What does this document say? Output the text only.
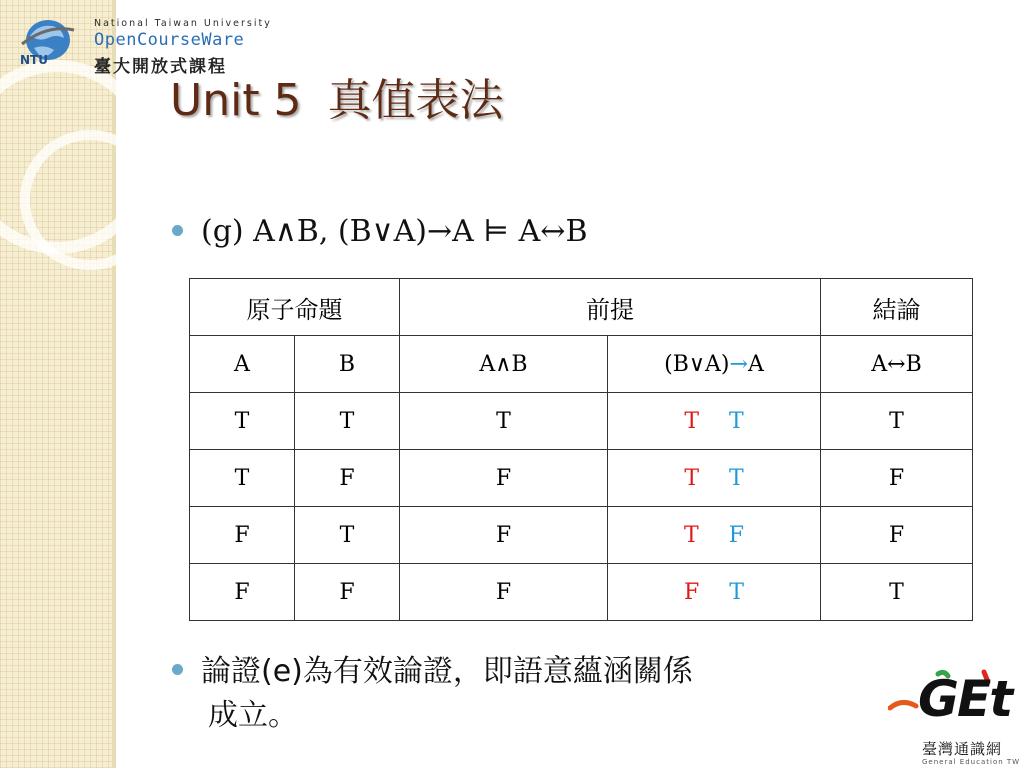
NTU
National Taiwan University
OpenCourseWare
臺大開放式課程
Unit 5 真值表法
(g) A∧B, (B∨A)→A ⊨ A↔B
原子命題		前提		結論
A	B	A∧B	(B∨A)→A	A↔B
T	T	T	T T	T
T	F	F	T T	F
F	T	F	T F	F
F	F	F	F T	T
論證(e)為有效論證，即語意蘊涵關係
成立。	GEt
臺灣通識網
General Education TW
